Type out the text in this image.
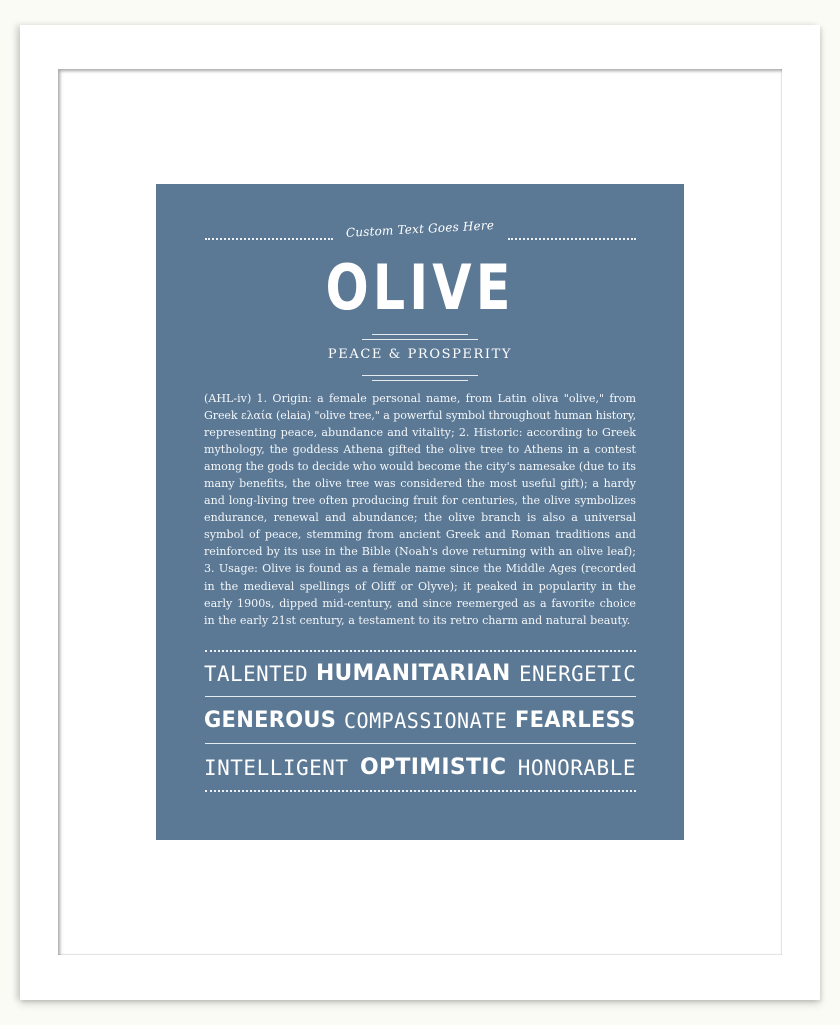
Custom Text Goes Here
OLIVE
PEACE & PROSPERITY
(AHL-iv) 1. Origin: a female personal name, from Latin oliva "olive," from
Greek ελαία (elaia) "olive tree," a powerful symbol throughout human history,
representing peace, abundance and vitality; 2. Historic: according to Greek
mythology, the goddess Athena gifted the olive tree to Athens in a contest
among the gods to decide who would become the city's namesake (due to its
many benefits, the olive tree was considered the most useful gift); a hardy
and long-living tree often producing fruit for centuries, the olive symbolizes
endurance, renewal and abundance; the olive branch is also a universal
symbol of peace, stemming from ancient Greek and Roman traditions and
reinforced by its use in the Bible (Noah's dove returning with an olive leaf);
3. Usage: Olive is found as a female name since the Middle Ages (recorded
in the medieval spellings of Oliff or Olyve); it peaked in popularity in the
early 1900s, dipped mid-century, and since reemerged as a favorite choice
in the early 21st century, a testament to its retro charm and natural beauty.
TALENTED HUMANITARIAN ENERGETIC
GENEROUS COMPASSIONATE FEARLESS
INTELLIGENT OPTIMISTIC HONORABLE
